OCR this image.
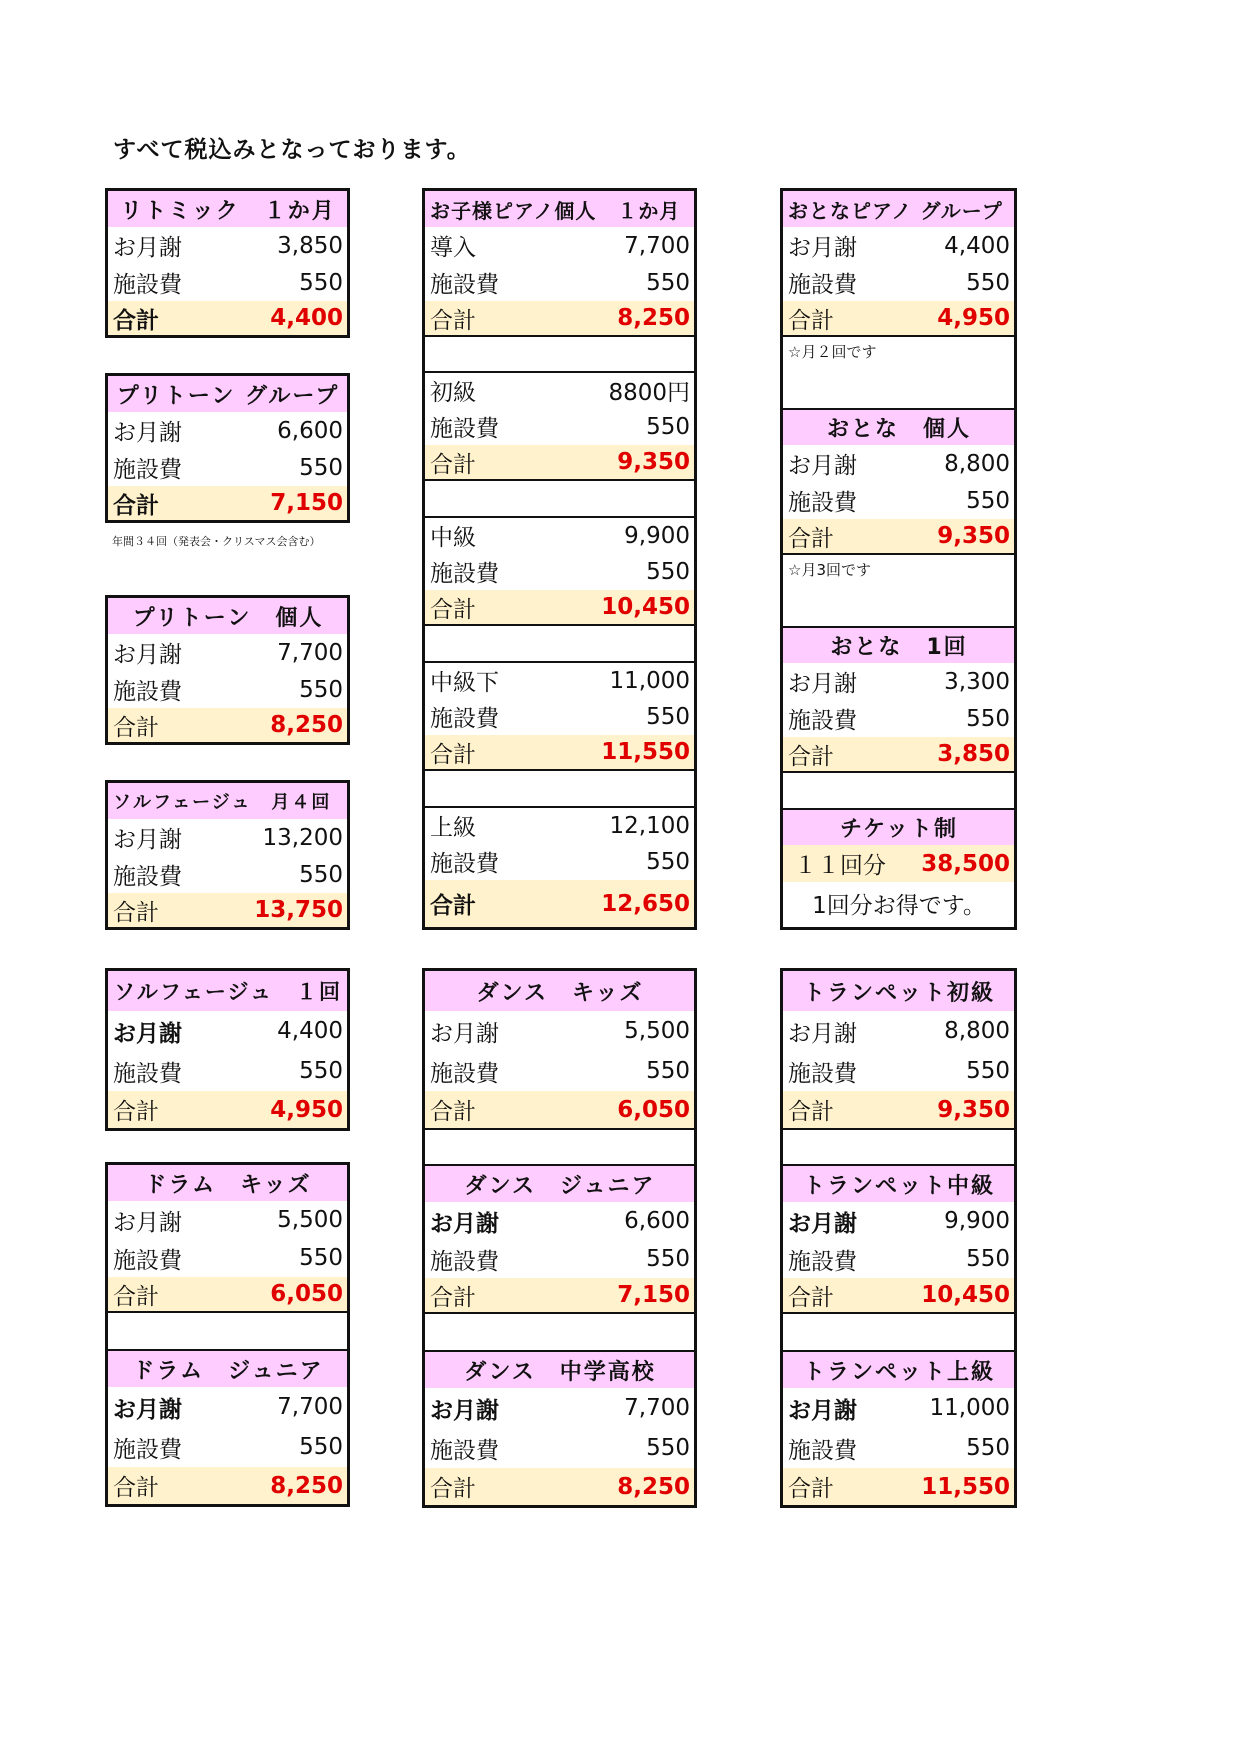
すべて税込みとなっております。
リトミック　１か月
お月謝	3,850
施設費	550
合計	4,400
プリトーン グループ
お月謝	6,600
施設費	550
合計	7,150
年間３４回（発表会・クリスマス会含む）
プリトーン　個人
お月謝	7,700
施設費	550
合計	8,250
ソルフェージュ　月４回
お月謝	13,200
施設費	550
合計	13,750
ソルフェージュ　１回
お月謝	4,400
施設費	550
合計	4,950
ドラム　キッズ
お月謝	5,500
施設費	550
合計	6,050
ドラム　ジュニア
お月謝	7,700
施設費	550
合計	8,250
お子様ピアノ個人　１か月
導入	7,700
施設費	550
合計	8,250
初級	8800円
施設費	550
合計	9,350
中級	9,900
施設費	550
合計	10,450
中級下	11,000
施設費	550
合計	11,550
上級	12,100
施設費	550
合計	12,650
ダンス　キッズ
お月謝	5,500
施設費	550
合計	6,050
ダンス　ジュニア
お月謝	6,600
施設費	550
合計	7,150
ダンス　中学高校
お月謝	7,700
施設費	550
合計	8,250
おとなピアノ グループ
お月謝	4,400
施設費	550
合計	4,950
☆月２回です
おとな　個人
お月謝	8,800
施設費	550
合計	9,350
☆月3回です
おとな　1回
お月謝	3,300
施設費	550
合計	3,850
チケット制
１１回分 38,500
1回分お得です。
トランペット初級
お月謝	8,800
施設費	550
合計	9,350
トランペット中級
お月謝	9,900
施設費	550
合計	10,450
トランペット上級
お月謝	11,000
施設費	550
合計	11,550
